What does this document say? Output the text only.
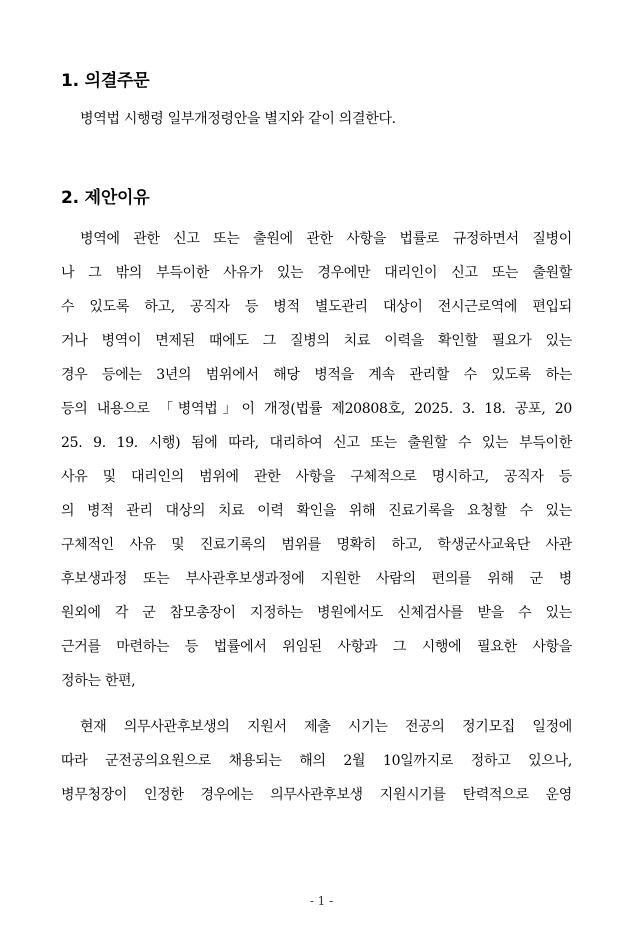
1. 의결주문
병역법 시행령 일부개정령안을 별지와 같이 의결한다.
2. 제안이유
병역에 관한 신고 또는 출원에 관한 사항을 법률로 규정하면서 질병이
나 그 밖의 부득이한 사유가 있는 경우에만 대리인이 신고 또는 출원할
수 있도록 하고, 공직자 등 병적 별도관리 대상이 전시근로역에 편입되
거나 병역이 면제된 때에도 그 질병의 치료 이력을 확인할 필요가 있는
경우 등에는 3년의 범위에서 해당 병적을 계속 관리할 수 있도록 하는
등의 내용으로 「병역법」이 개정(법률 제20808호, 2025. 3. 18. 공포, 20
25. 9. 19. 시행) 됨에 따라, 대리하여 신고 또는 출원할 수 있는 부득이한
사유 및 대리인의 범위에 관한 사항을 구체적으로 명시하고, 공직자 등
의 병적 관리 대상의 치료 이력 확인을 위해 진료기록을 요청할 수 있는
구체적인 사유 및 진료기록의 범위를 명확히 하고, 학생군사교육단 사관
후보생과정 또는 부사관후보생과정에 지원한 사람의 편의를 위해 군 병
원외에 각 군 참모총장이 지정하는 병원에서도 신체검사를 받을 수 있는
근거를 마련하는 등 법률에서 위임된 사항과 그 시행에 필요한 사항을
정하는 한편,
현재 의무사관후보생의 지원서 제출 시기는 전공의 정기모집 일정에
따라 군전공의요원으로 채용되는 해의 2월 10일까지로 정하고 있으나,
병무청장이 인정한 경우에는 의무사관후보생 지원시기를 탄력적으로 운영
- 1 -
